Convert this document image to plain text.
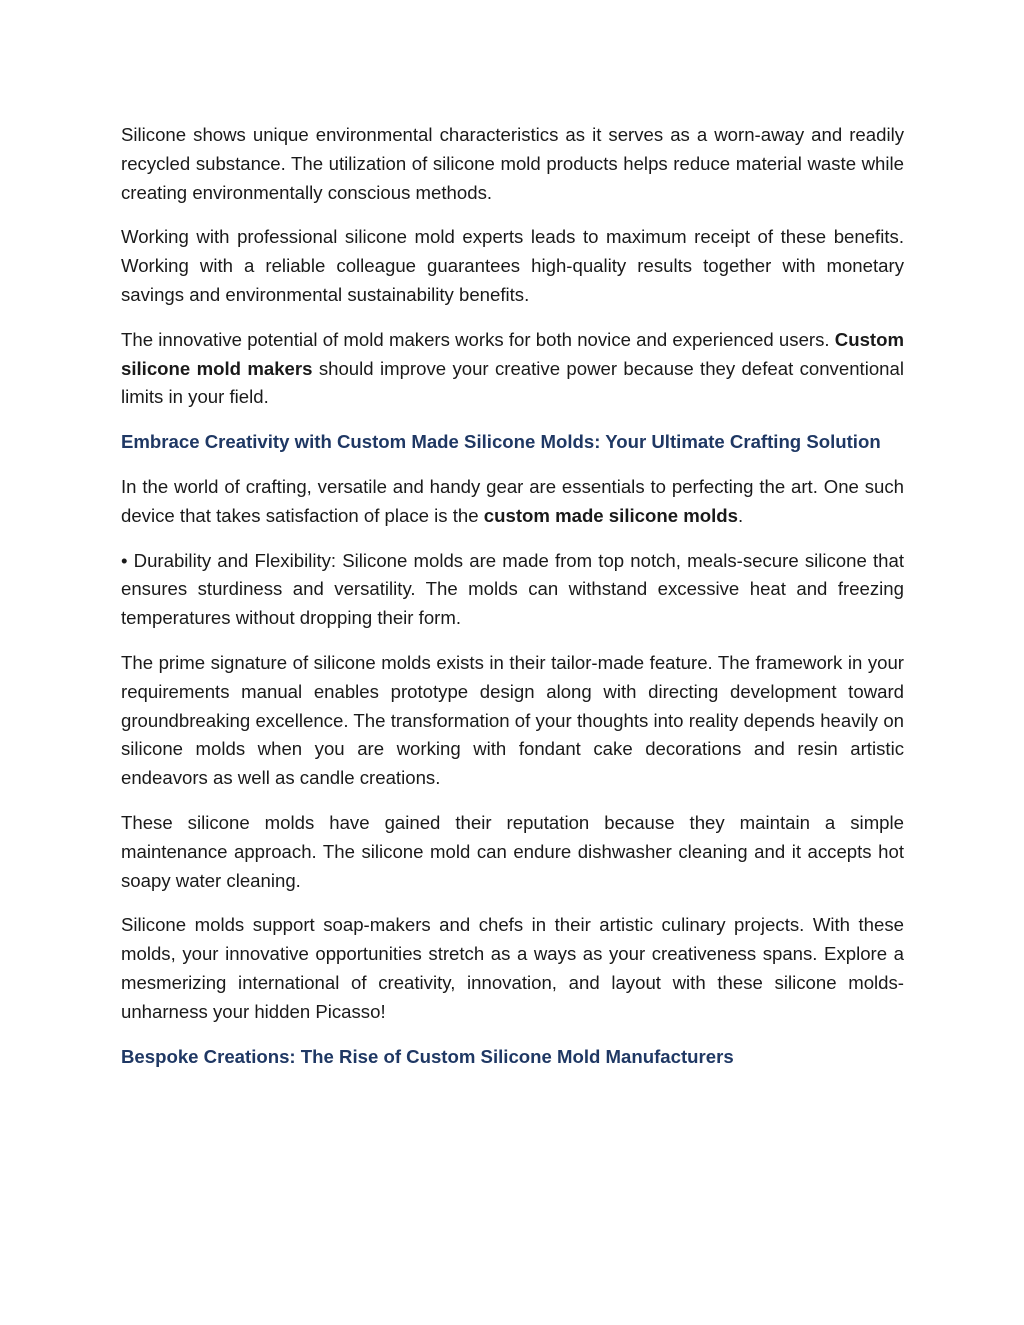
Silicone shows unique environmental characteristics as it serves as a worn-away and readily recycled substance. The utilization of silicone mold products helps reduce material waste while creating environmentally conscious methods.

Working with professional silicone mold experts leads to maximum receipt of these benefits. Working with a reliable colleague guarantees high-quality results together with monetary savings and environmental sustainability benefits.

The innovative potential of mold makers works for both novice and experienced users. Custom silicone mold makers should improve your creative power because they defeat conventional limits in your field.

Embrace Creativity with Custom Made Silicone Molds: Your Ultimate Crafting Solution

In the world of crafting, versatile and handy gear are essentials to perfecting the art. One such device that takes satisfaction of place is the custom made silicone molds.

• Durability and Flexibility: Silicone molds are made from top notch, meals-secure silicone that ensures sturdiness and versatility. The molds can withstand excessive heat and freezing temperatures without dropping their form.

The prime signature of silicone molds exists in their tailor-made feature. The framework in your requirements manual enables prototype design along with directing development toward groundbreaking excellence. The transformation of your thoughts into reality depends heavily on silicone molds when you are working with fondant cake decorations and resin artistic endeavors as well as candle creations.

These silicone molds have gained their reputation because they maintain a simple maintenance approach. The silicone mold can endure dishwasher cleaning and it accepts hot soapy water cleaning.

Silicone molds support soap-makers and chefs in their artistic culinary projects. With these molds, your innovative opportunities stretch as a ways as your creativeness spans. Explore a mesmerizing international of creativity, innovation, and layout with these silicone molds- unharness your hidden Picasso!

Bespoke Creations: The Rise of Custom Silicone Mold Manufacturers
